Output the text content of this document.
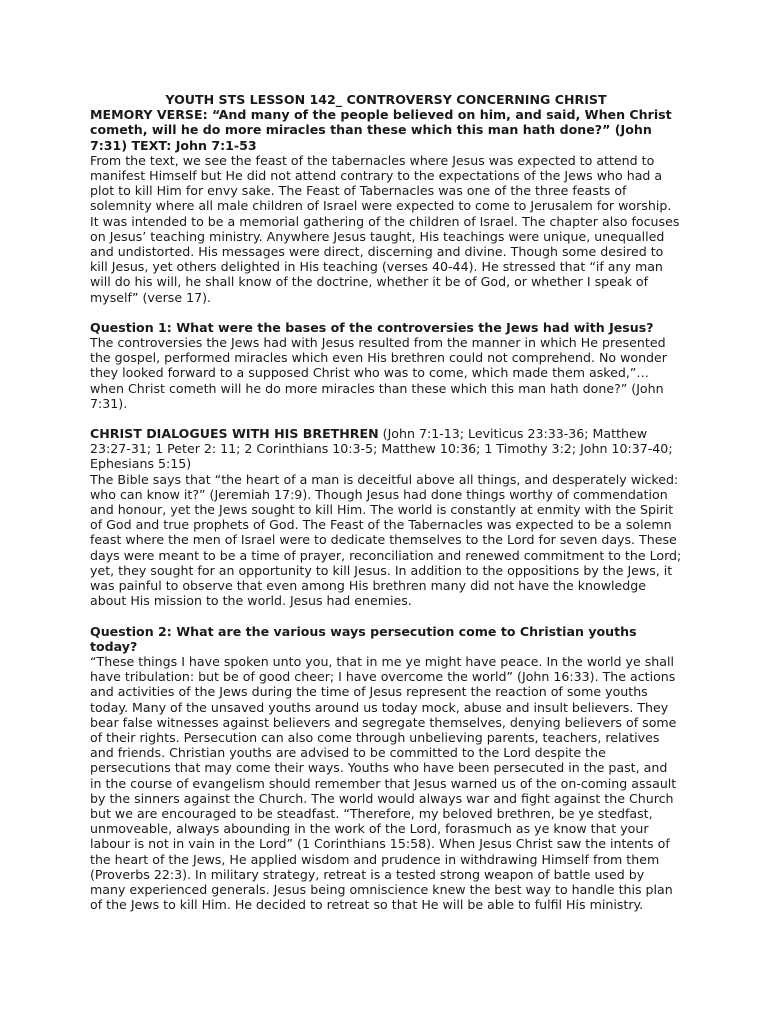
YOUTH STS LESSON 142_ CONTROVERSY CONCERNING CHRIST

MEMORY VERSE: “And many of the people believed on him, and said, When Christ cometh, will he do more miracles than these which this man hath done?” (John 7:31) TEXT: John 7:1-53

From the text, we see the feast of the tabernacles where Jesus was expected to attend to manifest Himself but He did not attend contrary to the expectations of the Jews who had a plot to kill Him for envy sake. The Feast of Tabernacles was one of the three feasts of solemnity where all male children of Israel were expected to come to Jerusalem for worship. It was intended to be a memorial gathering of the children of Israel. The chapter also focuses on Jesus’ teaching ministry. Anywhere Jesus taught, His teachings were unique, unequalled and undistorted. His messages were direct, discerning and divine. Though some desired to kill Jesus, yet others delighted in His teaching (verses 40-44). He stressed that “if any man will do his will, he shall know of the doctrine, whether it be of God, or whether I speak of myself” (verse 17).

Question 1: What were the bases of the controversies the Jews had with Jesus?

The controversies the Jews had with Jesus resulted from the manner in which He presented the gospel, performed miracles which even His brethren could not comprehend. No wonder they looked forward to a supposed Christ who was to come, which made them asked,”… when Christ cometh will he do more miracles than these which this man hath done?” (John 7:31).

CHRIST DIALOGUES WITH HIS BRETHREN (John 7:1-13; Leviticus 23:33-36; Matthew 23:27-31; 1 Peter 2: 11; 2 Corinthians 10:3-5; Matthew 10:36; 1 Timothy 3:2; John 10:37-40; Ephesians 5:15)

The Bible says that “the heart of a man is deceitful above all things, and desperately wicked: who can know it?” (Jeremiah 17:9). Though Jesus had done things worthy of commendation and honour, yet the Jews sought to kill Him. The world is constantly at enmity with the Spirit of God and true prophets of God. The Feast of the Tabernacles was expected to be a solemn feast where the men of Israel were to dedicate themselves to the Lord for seven days. These days were meant to be a time of prayer, reconciliation and renewed commitment to the Lord; yet, they sought for an opportunity to kill Jesus. In addition to the oppositions by the Jews, it was painful to observe that even among His brethren many did not have the knowledge about His mission to the world. Jesus had enemies.

Question 2: What are the various ways persecution come to Christian youths today?

“These things I have spoken unto you, that in me ye might have peace. In the world ye shall have tribulation: but be of good cheer; I have overcome the world” (John 16:33). The actions and activities of the Jews during the time of Jesus represent the reaction of some youths today. Many of the unsaved youths around us today mock, abuse and insult believers. They bear false witnesses against believers and segregate themselves, denying believers of some of their rights. Persecution can also come through unbelieving parents, teachers, relatives and friends. Christian youths are advised to be committed to the Lord despite the persecutions that may come their ways. Youths who have been persecuted in the past, and in the course of evangelism should remember that Jesus warned us of the on-coming assault by the sinners against the Church. The world would always war and fight against the Church but we are encouraged to be steadfast. “Therefore, my beloved brethren, be ye stedfast, unmoveable, always abounding in the work of the Lord, forasmuch as ye know that your labour is not in vain in the Lord” (1 Corinthians 15:58). When Jesus Christ saw the intents of the heart of the Jews, He applied wisdom and prudence in withdrawing Himself from them (Proverbs 22:3). In military strategy, retreat is a tested strong weapon of battle used by many experienced generals. Jesus being omniscience knew the best way to handle this plan of the Jews to kill Him. He decided to retreat so that He will be able to fulfil His ministry.
